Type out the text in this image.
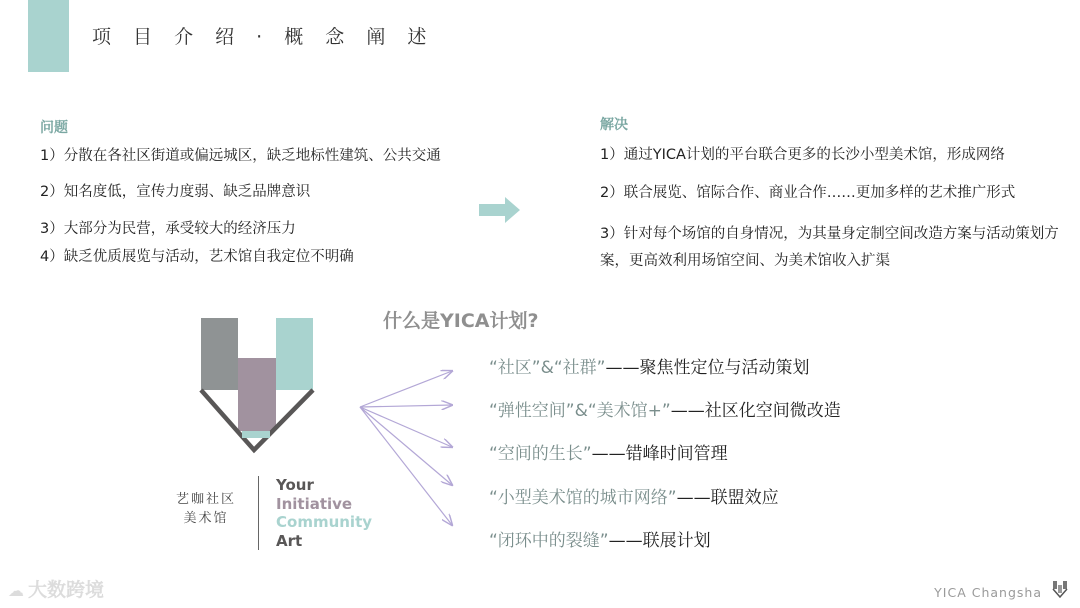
项 目 介 绍 · 概 念 阐 述
问题
1）分散在各社区街道或偏远城区，缺乏地标性建筑、公共交通
2）知名度低，宣传力度弱、缺乏品牌意识
3）大部分为民营，承受较大的经济压力
4）缺乏优质展览与活动，艺术馆自我定位不明确
解决
1）通过YICA计划的平台联合更多的长沙小型美术馆，形成网络
2）联合展览、馆际合作、商业合作……更加多样的艺术推广形式
3）针对每个场馆的自身情况，为其量身定制空间改造方案与活动策划方案，更高效利用场馆空间、为美术馆收入扩渠
什么是YICA计划?
艺咖社区
美术馆
Your
Initiative
Community
Art
“社区”&“社群”——聚焦性定位与活动策划
“弹性空间”&“美术馆+”——社区化空间微改造
“空间的生长”——错峰时间管理
“小型美术馆的城市网络”——联盟效应
“闭环中的裂缝”——联展计划
☁ 大数跨境	YICA Changsha
